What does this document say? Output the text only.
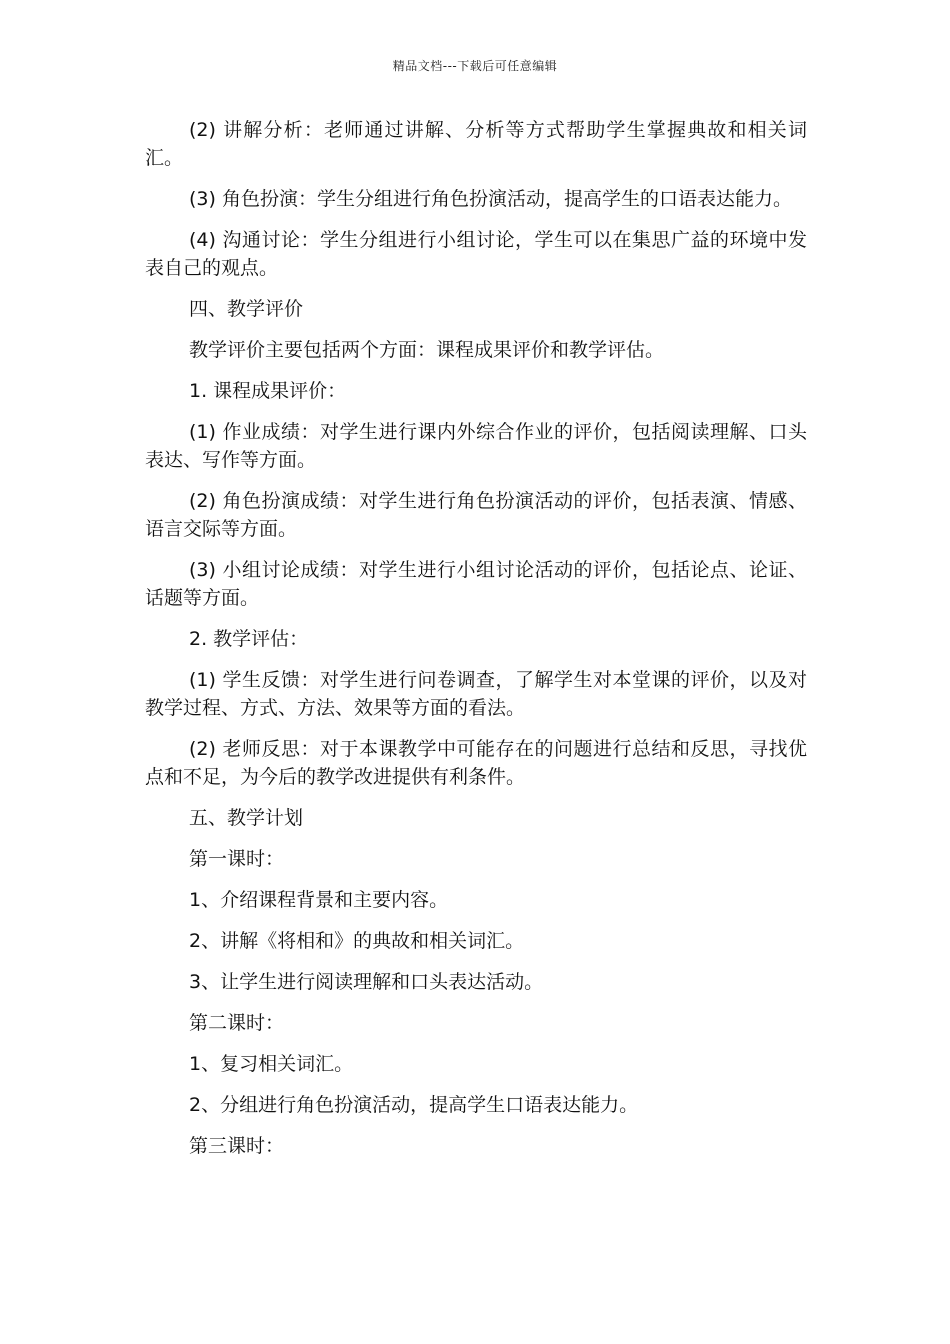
精品文档---下载后可任意编辑

(2) 讲解分析：老师通过讲解、分析等方式帮助学生掌握典故和相关词汇。

(3) 角色扮演：学生分组进行角色扮演活动，提高学生的口语表达能力。

(4) 沟通讨论：学生分组进行小组讨论，学生可以在集思广益的环境中发表自己的观点。

四、教学评价

教学评价主要包括两个方面：课程成果评价和教学评估。

1. 课程成果评价：

(1) 作业成绩：对学生进行课内外综合作业的评价，包括阅读理解、口头表达、写作等方面。

(2) 角色扮演成绩：对学生进行角色扮演活动的评价，包括表演、情感、语言交际等方面。

(3) 小组讨论成绩：对学生进行小组讨论活动的评价，包括论点、论证、话题等方面。

2. 教学评估：

(1) 学生反馈：对学生进行问卷调查，了解学生对本堂课的评价，以及对教学过程、方式、方法、效果等方面的看法。

(2) 老师反思：对于本课教学中可能存在的问题进行总结和反思，寻找优点和不足，为今后的教学改进提供有利条件。

五、教学计划

第一课时：

1、介绍课程背景和主要内容。

2、讲解《将相和》的典故和相关词汇。

3、让学生进行阅读理解和口头表达活动。

第二课时：

1、复习相关词汇。

2、分组进行角色扮演活动，提高学生口语表达能力。

第三课时：
